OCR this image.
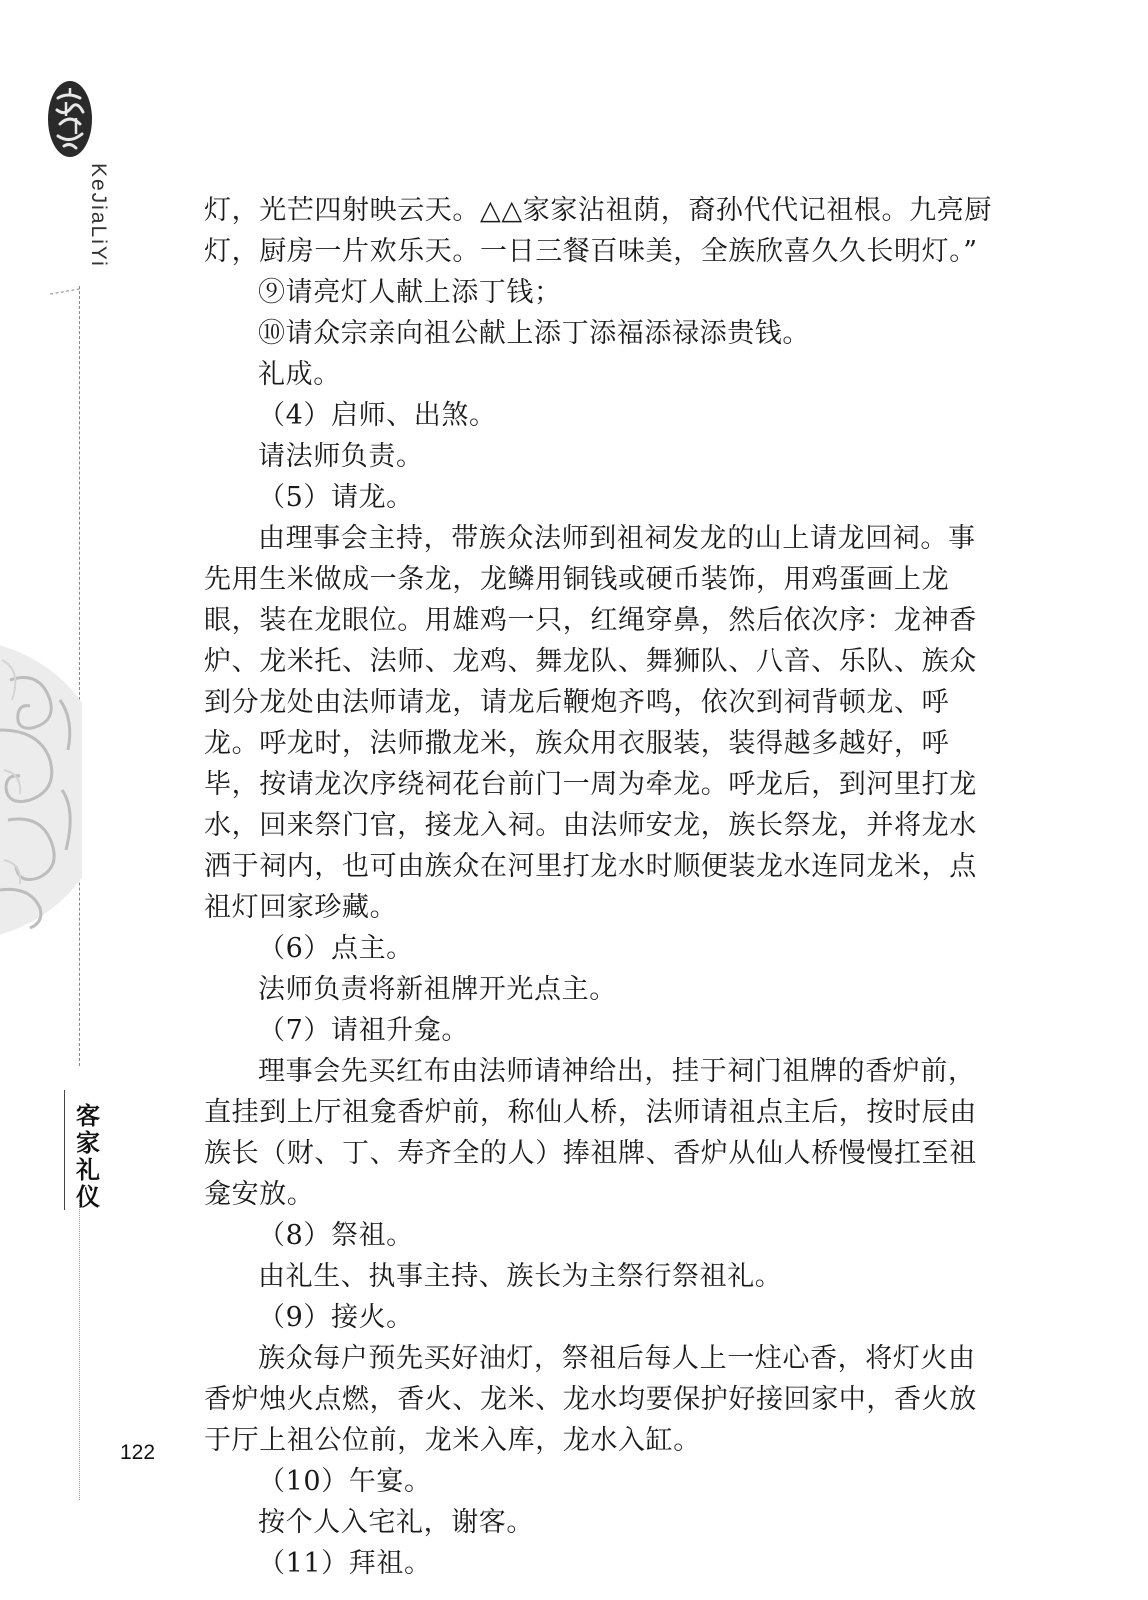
KeJiaLiYi
客
家
礼
仪
122

灯，光芒四射映云天。△△家家沾祖荫，裔孙代代记祖根。九亮厨灯，厨房一片欢乐天。一日三餐百味美，全族欣喜久久长明灯。”

⑨请亮灯人献上添丁钱；

⑩请众宗亲向祖公献上添丁添福添禄添贵钱。

礼成。

（4）启师、出煞。

请法师负责。

（5）请龙。

由理事会主持，带族众法师到祖祠发龙的山上请龙回祠。事先用生米做成一条龙，龙鳞用铜钱或硬币装饰，用鸡蛋画上龙眼，装在龙眼位。用雄鸡一只，红绳穿鼻，然后依次序：龙神香炉、龙米托、法师、龙鸡、舞龙队、舞狮队、八音、乐队、族众到分龙处由法师请龙，请龙后鞭炮齐鸣，依次到祠背顿龙、呼龙。呼龙时，法师撒龙米，族众用衣服装，装得越多越好，呼毕，按请龙次序绕祠花台前门一周为牵龙。呼龙后，到河里打龙水，回来祭门官，接龙入祠。由法师安龙，族长祭龙，并将龙水洒于祠内，也可由族众在河里打龙水时顺便装龙水连同龙米，点祖灯回家珍藏。

（6）点主。

法师负责将新祖牌开光点主。

（7）请祖升龛。

理事会先买红布由法师请神给出，挂于祠门祖牌的香炉前，直挂到上厅祖龛香炉前，称仙人桥，法师请祖点主后，按时辰由族长（财、丁、寿齐全的人）捧祖牌、香炉从仙人桥慢慢扛至祖龛安放。

（8）祭祖。

由礼生、执事主持、族长为主祭行祭祖礼。

（9）接火。

族众每户预先买好油灯，祭祖后每人上一炷心香，将灯火由香炉烛火点燃，香火、龙米、龙水均要保护好接回家中，香火放于厅上祖公位前，龙米入库，龙水入缸。

（10）午宴。

按个人入宅礼，谢客。

（11）拜祖。
